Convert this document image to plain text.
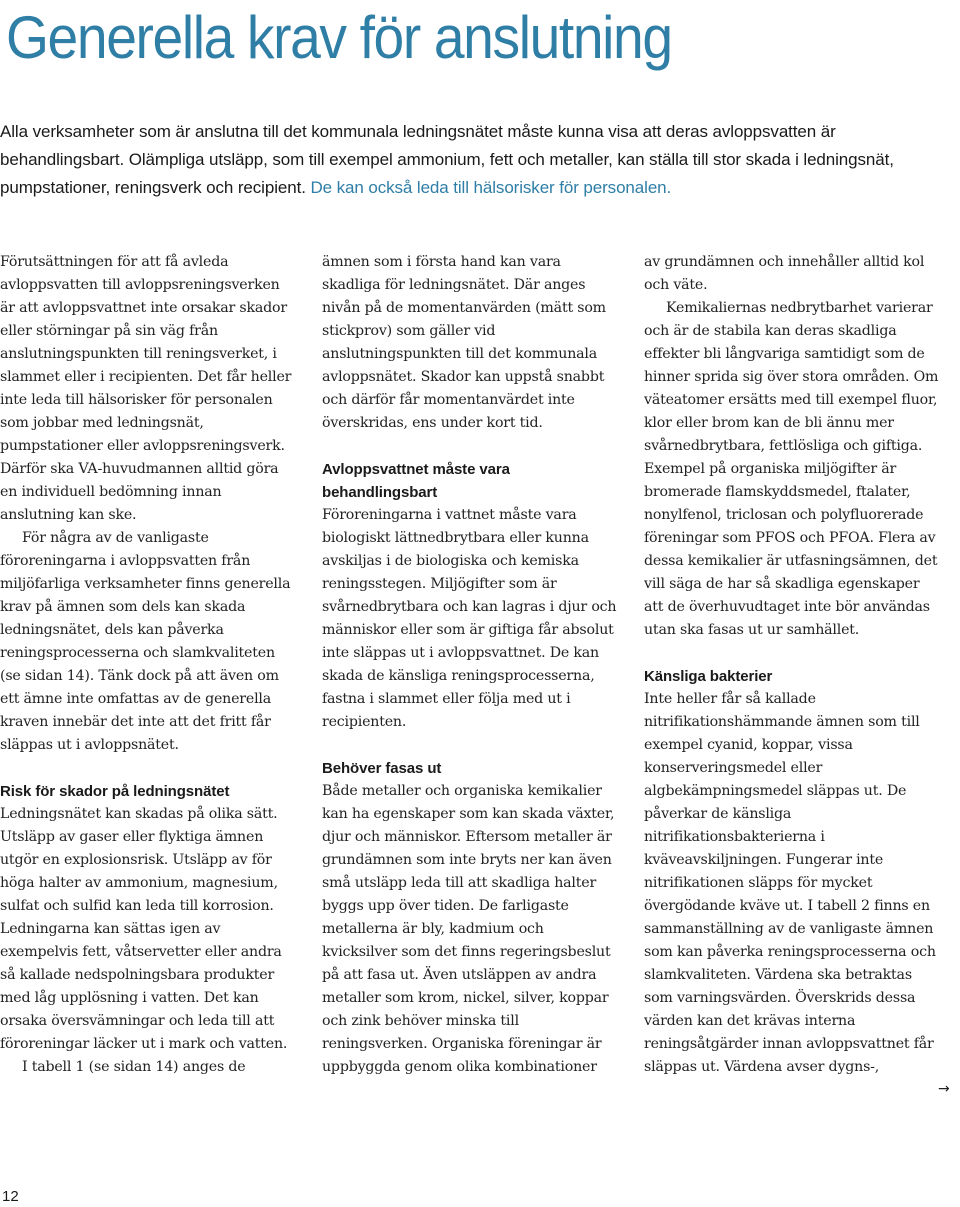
Generella krav för anslutning

Alla verksamheter som är anslutna till det kommunala ledningsnätet måste kunna visa att deras avloppsvatten är behandlingsbart. Olämpliga utsläpp, som till exempel ammonium, fett och metaller, kan ställa till stor skada i ledningsnät, pumpstationer, reningsverk och recipient. De kan också leda till hälsorisker för personalen.

Förutsättningen för att få avleda avloppsvatten till avloppsreningsverken är att avloppsvattnet inte orsakar skador eller störningar på sin väg från anslutningspunkten till reningsverket, i slammet eller i recipienten. Det får heller inte leda till hälsorisker för personalen som jobbar med ledningsnät, pumpstationer eller avloppsreningsverk. Därför ska VA-huvudmannen alltid göra en individuell bedömning innan anslutning kan ske.

För några av de vanligaste föroreningarna i avloppsvatten från miljöfarliga verksamheter finns generella krav på ämnen som dels kan skada ledningsnätet, dels kan påverka reningsprocesserna och slamkvaliteten (se sidan 14). Tänk dock på att även om ett ämne inte omfattas av de generella kraven innebär det inte att det fritt får släppas ut i avloppsnätet.

Risk för skador på ledningsnätet

Ledningsnätet kan skadas på olika sätt. Utsläpp av gaser eller flyktiga ämnen utgör en explosionsrisk. Utsläpp av för höga halter av ammonium, magnesium, sulfat och sulfid kan leda till korrosion. Ledningarna kan sättas igen av exempelvis fett, våtservetter eller andra så kallade nedspolningsbara produkter med låg upplösning i vatten. Det kan orsaka översvämningar och leda till att föroreningar läcker ut i mark och vatten.

I tabell 1 (se sidan 14) anges de

ämnen som i första hand kan vara skadliga för ledningsnätet. Där anges nivån på de momentanvärden (mätt som stickprov) som gäller vid anslutningspunkten till det kommunala avloppsnätet. Skador kan uppstå snabbt och därför får momentanvärdet inte överskridas, ens under kort tid.

Avloppsvattnet måste vara behandlingsbart

Föroreningarna i vattnet måste vara biologiskt lättnedbrytbara eller kunna avskiljas i de biologiska och kemiska reningsstegen. Miljögifter som är svårnedbrytbara och kan lagras i djur och människor eller som är giftiga får absolut inte släppas ut i avloppsvattnet. De kan skada de känsliga reningsprocesserna, fastna i slammet eller följa med ut i recipienten.

Behöver fasas ut

Både metaller och organiska kemikalier kan ha egenskaper som kan skada växter, djur och människor. Eftersom metaller är grundämnen som inte bryts ner kan även små utsläpp leda till att skadliga halter byggs upp över tiden. De farligaste metallerna är bly, kadmium och kvicksilver som det finns regeringsbeslut på att fasa ut. Även utsläppen av andra metaller som krom, nickel, silver, koppar och zink behöver minska till reningsverken. Organiska föreningar är uppbyggda genom olika kombinationer

av grundämnen och innehåller alltid kol och väte.

Kemikaliernas nedbrytbarhet varierar och är de stabila kan deras skadliga effekter bli långvariga samtidigt som de hinner sprida sig över stora områden. Om väteatomer ersätts med till exempel fluor, klor eller brom kan de bli ännu mer svårnedbrytbara, fettlösliga och giftiga. Exempel på organiska miljögifter är bromerade flamskyddsmedel, ftalater, nonylfenol, triclosan och polyfluorerade föreningar som PFOS och PFOA. Flera av dessa kemikalier är utfasningsämnen, det vill säga de har så skadliga egenskaper att de överhuvudtaget inte bör användas utan ska fasas ut ur samhället.

Känsliga bakterier

Inte heller får så kallade nitrifikationshämmande ämnen som till exempel cyanid, koppar, vissa konserveringsmedel eller algbekämpningsmedel släppas ut. De påverkar de känsliga nitrifikationsbakterierna i kväveavskiljningen. Fungerar inte nitrifikationen släpps för mycket övergödande kväve ut. I tabell 2 finns en sammanställning av de vanligaste ämnen som kan påverka reningsprocesserna och slamkvaliteten. Värdena ska betraktas som varningsvärden. Överskrids dessa värden kan det krävas interna reningsåtgärder innan avloppsvattnet får släppas ut. Värdena avser dygns-,

→
12
